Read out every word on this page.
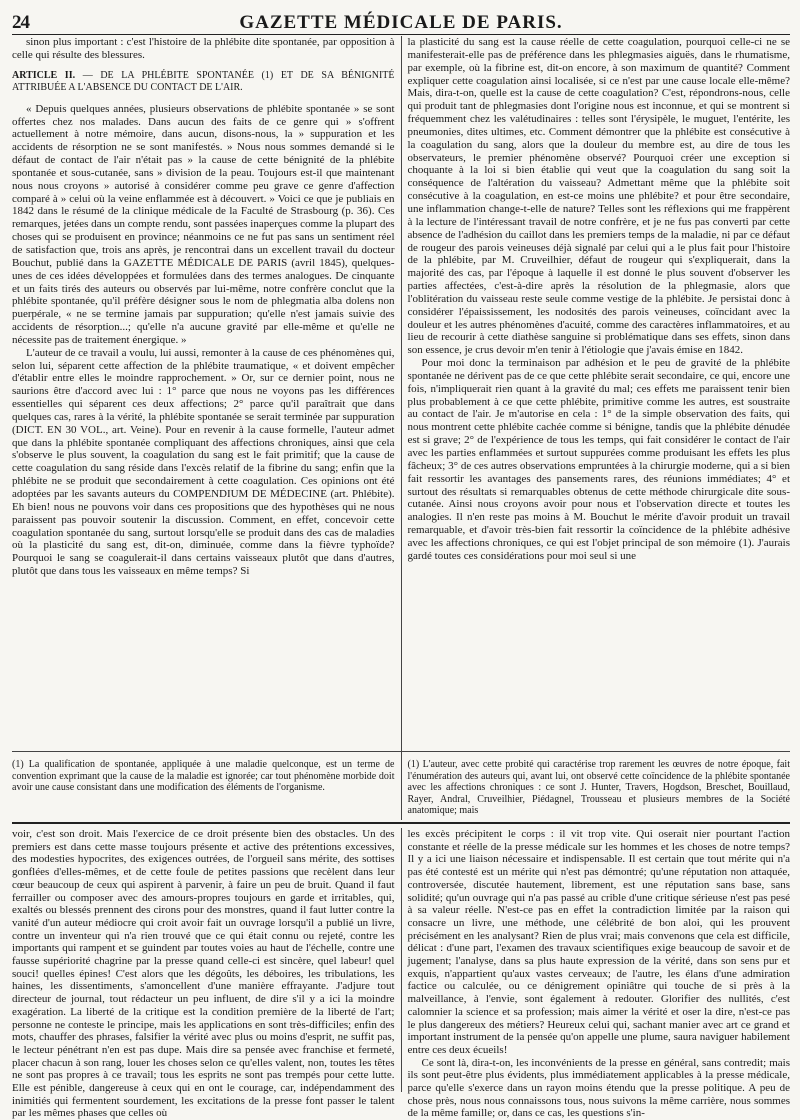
24	GAZETTE MÉDICALE DE PARIS.

sinon plus important : c'est l'histoire de la phlébite dite spontanée, par opposition à celle qui résulte des blessures.

ARTICLE II. — DE LA PHLÉBITE SPONTANÉE (1) ET DE SA BÉNIGNITÉ ATTRIBUÉE A L'ABSENCE DU CONTACT DE L'AIR.

« Depuis quelques années, plusieurs observations de phlébite spontanée » se sont offertes chez nos malades. Dans aucun des faits de ce genre qui » s'offrent actuellement à notre mémoire, dans aucun, disons-nous, la » suppuration et les accidents de résorption ne se sont manifestés. » Nous nous sommes demandé si le défaut de contact de l'air n'était pas » la cause de cette bénignité de la phlébite spontanée et sous-cutanée, sans » division de la peau. Toujours est-il que maintenant nous nous croyons » autorisé à considérer comme peu grave ce genre d'affection comparé à » celui où la veine enflammée est à découvert. » Voici ce que je publiais en 1842 dans le résumé de la clinique médicale de la Faculté de Strasbourg (p. 36). Ces remarques, jetées dans un compte rendu, sont passées inaperçues comme la plupart des choses qui se produisent en province; néanmoins ce ne fut pas sans un sentiment réel de satisfaction que, trois ans après, je rencontrai dans un excellent travail du docteur Bouchut, publié dans la GAZETTE MÉDICALE DE PARIS (avril 1845), quelques-unes de ces idées développées et formulées dans des termes analogues. De cinquante et un faits tirés des auteurs ou observés par lui-même, notre confrère conclut que la phlébite spontanée, qu'il préfère désigner sous le nom de phlegmatia alba dolens non puerpérale, « ne se termine jamais par suppuration; qu'elle n'est jamais suivie des accidents de résorption...; qu'elle n'a aucune gravité par elle-même et qu'elle ne nécessite pas de traitement énergique. »

L'auteur de ce travail a voulu, lui aussi, remonter à la cause de ces phénomènes qui, selon lui, séparent cette affection de la phlébite traumatique, « et doivent empêcher d'établir entre elles le moindre rapprochement. » Or, sur ce dernier point, nous ne saurions être d'accord avec lui : 1° parce que nous ne voyons pas les différences essentielles qui séparent ces deux affections; 2° parce qu'il paraîtrait que dans quelques cas, rares à la vérité, la phlébite spontanée se serait terminée par suppuration (DICT. EN 30 VOL., art. Veine). Pour en revenir à la cause formelle, l'auteur admet que dans la phlébite spontanée compliquant des affections chroniques, ainsi que cela s'observe le plus souvent, la coagulation du sang est le fait primitif; que la cause de cette coagulation du sang réside dans l'excès relatif de la fibrine du sang; enfin que la phlébite ne se produit que secondairement à cette coagulation. Ces opinions ont été adoptées par les savants auteurs du COMPENDIUM DE MÉDECINE (art. Phlébite). Eh bien! nous ne pouvons voir dans ces propositions que des hypothèses qui ne nous paraissent pas pouvoir soutenir la discussion. Comment, en effet, concevoir cette coagulation spontanée du sang, surtout lorsqu'elle se produit dans des cas de maladies où la plasticité du sang est, dit-on, diminuée, comme dans la fièvre typhoïde? Pourquoi le sang se coagulerait-il dans certains vaisseaux plutôt que dans d'autres, plutôt que dans tous les vaisseaux en même temps? Si

la plasticité du sang est la cause réelle de cette coagulation, pourquoi celle-ci ne se manifesterait-elle pas de préférence dans les phlegmasies aiguës, dans le rhumatisme, par exemple, où la fibrine est, dit-on encore, à son maximum de quantité? Comment expliquer cette coagulation ainsi localisée, si ce n'est par une cause locale elle-même? Mais, dira-t-on, quelle est la cause de cette coagulation? C'est, répondrons-nous, celle qui produit tant de phlegmasies dont l'origine nous est inconnue, et qui se montrent si fréquemment chez les valétudinaires : telles sont l'érysipèle, le muguet, l'entérite, les pneumonies, dites ultimes, etc. Comment démontrer que la phlébite est consécutive à la coagulation du sang, alors que la douleur du membre est, au dire de tous les observateurs, le premier phénomène observé? Pourquoi créer une exception si choquante à la loi si bien établie qui veut que la coagulation du sang soit la conséquence de l'altération du vaisseau? Admettant même que la phlébite soit consécutive à la coagulation, en est-ce moins une phlébite? et pour être secondaire, une inflammation change-t-elle de nature? Telles sont les réflexions qui me frappèrent à la lecture de l'intéressant travail de notre confrère, et je ne fus pas converti par cette absence de l'adhésion du caillot dans les premiers temps de la maladie, ni par ce défaut de rougeur des parois veineuses déjà signalé par celui qui a le plus fait pour l'histoire de la phlébite, par M. Cruveilhier, défaut de rougeur qui s'expliquerait, dans la majorité des cas, par l'époque à laquelle il est donné le plus souvent d'observer les parties affectées, c'est-à-dire après la résolution de la phlegmasie, alors que l'oblitération du vaisseau reste seule comme vestige de la phlébite. Je persistai donc à considérer l'épaississement, les nodosités des parois veineuses, coïncidant avec la douleur et les autres phénomènes d'acuité, comme des caractères inflammatoires, et au lieu de recourir à cette diathèse sanguine si problématique dans ses effets, sinon dans son essence, je crus devoir m'en tenir à l'étiologie que j'avais émise en 1842.

Pour moi donc la terminaison par adhésion et le peu de gravité de la phlébite spontanée ne dérivent pas de ce que cette phlébite serait secondaire, ce qui, encore une fois, n'impliquerait rien quant à la gravité du mal; ces effets me paraissent tenir bien plus probablement à ce que cette phlébite, primitive comme les autres, est soustraite au contact de l'air. Je m'autorise en cela : 1° de la simple observation des faits, qui nous montrent cette phlébite cachée comme si bénigne, tandis que la phlébite dénudée est si grave; 2° de l'expérience de tous les temps, qui fait considérer le contact de l'air avec les parties enflammées et surtout suppurées comme produisant les effets les plus fâcheux; 3° de ces autres observations empruntées à la chirurgie moderne, qui a si bien fait ressortir les avantages des pansements rares, des réunions immédiates; 4° et surtout des résultats si remarquables obtenus de cette méthode chirurgicale dite sous-cutanée. Ainsi nous croyons avoir pour nous et l'observation directe et toutes les analogies. Il n'en reste pas moins à M. Bouchut le mérite d'avoir produit un travail remarquable, et d'avoir très-bien fait ressortir la coïncidence de la phlébite adhésive avec les affections chroniques, ce qui est l'objet principal de son mémoire (1). J'aurais gardé toutes ces considérations pour moi seul si une

(1) La qualification de spontanée, appliquée à une maladie quelconque, est un terme de convention exprimant que la cause de la maladie est ignorée; car tout phénomène morbide doit avoir une cause consistant dans une modification des éléments de l'organisme.
(1) L'auteur, avec cette probité qui caractérise trop rarement les œuvres de notre époque, fait l'énumération des auteurs qui, avant lui, ont observé cette coïncidence de la phlébite spontanée avec les affections chroniques : ce sont J. Hunter, Travers, Hogdson, Breschet, Bouillaud, Rayer, Andral, Cruveilhier, Piédagnel, Trousseau et plusieurs membres de la Société anatomique; mais

voir, c'est son droit. Mais l'exercice de ce droit présente bien des obstacles. Un des premiers est dans cette masse toujours présente et active des prétentions excessives, des modesties hypocrites, des exigences outrées, de l'orgueil sans mérite, des sottises gonflées d'elles-mêmes, et de cette foule de petites passions que recèlent dans leur cœur beaucoup de ceux qui aspirent à parvenir, à faire un peu de bruit. Quand il faut ferrailler ou composer avec des amours-propres toujours en garde et irritables, qui, exaltés ou blessés prennent des cirons pour des monstres, quand il faut lutter contre la vanité d'un auteur médiocre qui croit avoir fait un ouvrage lorsqu'il a publié un livre, contre un inventeur qui n'a rien trouvé que ce qui était connu ou rejeté, contre les importants qui rampent et se guindent par toutes voies au haut de l'échelle, contre une fausse supériorité chagrine par la presse quand celle-ci est sincère, quel labeur! quel souci! quelles épines! C'est alors que les dégoûts, les déboires, les tribulations, les haines, les dissentiments, s'amoncellent d'une manière effrayante. J'adjure tout directeur de journal, tout rédacteur un peu influent, de dire s'il y a ici la moindre exagération. La liberté de la critique est la condition première de la liberté de l'art; personne ne conteste le principe, mais les applications en sont très-difficiles; enfin des mots, chauffer des phrases, falsifier la vérité avec plus ou moins d'esprit, ne suffit pas, le lecteur pénétrant n'en est pas dupe. Mais dire sa pensée avec franchise et fermeté, placer chacun à son rang, louer les choses selon ce qu'elles valent, non, toutes les têtes ne sont pas propres à ce travail; tous les esprits ne sont pas trempés pour cette lutte. Elle est pénible, dangereuse à ceux qui en ont le courage, car, indépendamment des inimitiés qui fermentent sourdement, les excitations de la presse font passer le talent par les mêmes phases que celles où

les excès précipitent le corps : il vit trop vite. Qui oserait nier pourtant l'action constante et réelle de la presse médicale sur les hommes et les choses de notre temps? Il y a ici une liaison nécessaire et indispensable. Il est certain que tout mérite qui n'a pas été contesté est un mérite qui n'est pas démontré; qu'une réputation non attaquée, controversée, discutée hautement, librement, est une réputation sans base, sans solidité; qu'un ouvrage qui n'a pas passé au crible d'une critique sérieuse n'est pas pesé à sa valeur réelle. N'est-ce pas en effet la contradiction limitée par la raison qui consacre un livre, une méthode, une célébrité de bon aloi, qui les prouvent précisément en les analysant? Rien de plus vrai; mais convenons que cela est difficile, délicat : d'une part, l'examen des travaux scientifiques exige beaucoup de savoir et de jugement; l'analyse, dans sa plus haute expression de la vérité, dans son sens pur et exquis, n'appartient qu'aux vastes cerveaux; de l'autre, les élans d'une admiration factice ou calculée, ou ce dénigrement opiniâtre qui touche de si près à la malveillance, à l'envie, sont également à redouter. Glorifier des nullités, c'est calomnier la science et sa profession; mais aimer la vérité et oser la dire, n'est-ce pas le plus dangereux des métiers? Heureux celui qui, sachant manier avec art ce grand et important instrument de la pensée qu'on appelle une plume, saura naviguer habilement entre ces deux écueils!

Ce sont là, dira-t-on, les inconvénients de la presse en général, sans contredit; mais ils sont peut-être plus évidents, plus immédiatement applicables à la presse médicale, parce qu'elle s'exerce dans un rayon moins étendu que la presse politique. A peu de chose près, nous nous connaissons tous, nous suivons la même carrière, nous sommes de la même famille; or, dans ce cas, les questions s'in-
